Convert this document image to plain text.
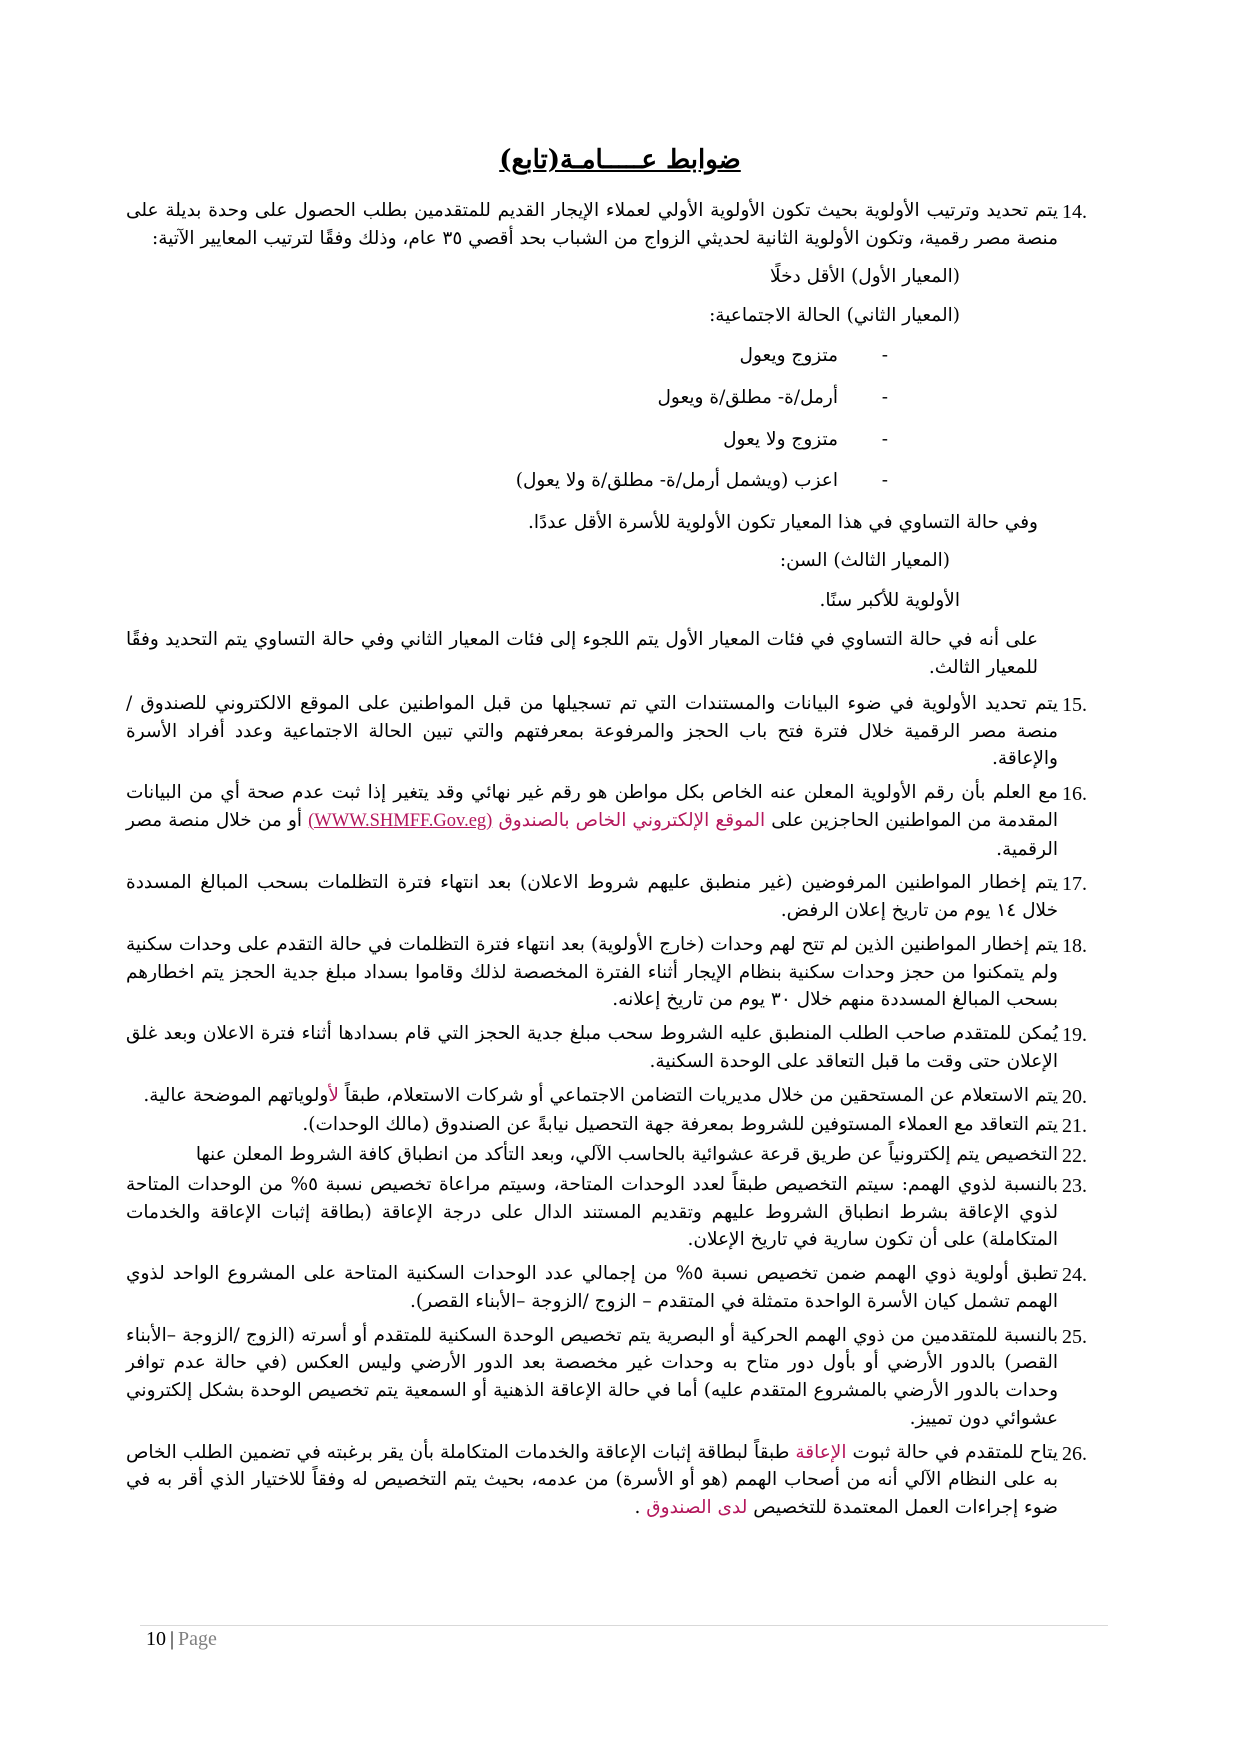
ضوابط عـــــامـة(تابع)
14.
يتم تحديد وترتيب الأولوية بحيث تكون الأولوية الأولي لعملاء الإيجار القديم للمتقدمين بطلب الحصول على وحدة بديلة على منصة مصر رقمية، وتكون الأولوية الثانية لحديثي الزواج من الشباب بحد أقصي ٣٥ عام، وذلك وفقًا لترتيب المعايير الآتية:
(المعيار الأول) الأقل دخلًا
(المعيار الثاني) الحالة الاجتماعية:
-
متزوج ويعول
-
أرمل/ة- مطلق/ة ويعول
-
متزوج ولا يعول
-
اعزب (ويشمل أرمل/ة- مطلق/ة ولا يعول)
وفي حالة التساوي في هذا المعيار تكون الأولوية للأسرة الأقل عددًا.
(المعيار الثالث) السن:
الأولوية للأكبر سنًا.
على أنه في حالة التساوي في فئات المعيار الأول يتم اللجوء إلى فئات المعيار الثاني وفي حالة التساوي يتم التحديد وفقًا للمعيار الثالث.
15.
يتم تحديد الأولوية في ضوء البيانات والمستندات التي تم تسجيلها من قبل المواطنين على الموقع الالكتروني للصندوق / منصة مصر الرقمية خلال فترة فتح باب الحجز والمرفوعة بمعرفتهم والتي تبين الحالة الاجتماعية وعدد أفراد الأسرة والإعاقة.
16.
مع العلم بأن رقم الأولوية المعلن عنه الخاص بكل مواطن هو رقم غير نهائي وقد يتغير إذا ثبت عدم صحة أي من البيانات المقدمة من المواطنين الحاجزين على الموقع الإلكتروني الخاص بالصندوق (WWW.SHMFF.Gov.eg) أو من خلال منصة مصر الرقمية.
17.
يتم إخطار المواطنين المرفوضين (غير منطبق عليهم شروط الاعلان) بعد انتهاء فترة التظلمات بسحب المبالغ المسددة خلال ١٤ يوم من تاريخ إعلان الرفض.
18.
يتم إخطار المواطنين الذين لم تتح لهم وحدات (خارج الأولوية) بعد انتهاء فترة التظلمات في حالة التقدم على وحدات سكنية ولم يتمكنوا من حجز وحدات سكنية بنظام الإيجار أثناء الفترة المخصصة لذلك وقاموا بسداد مبلغ جدية الحجز يتم اخطارهم بسحب المبالغ المسددة منهم خلال ٣٠ يوم من تاريخ إعلانه.
19.
يُمكن للمتقدم صاحب الطلب المنطبق عليه الشروط سحب مبلغ جدية الحجز التي قام بسدادها أثناء فترة الاعلان وبعد غلق الإعلان حتى وقت ما قبل التعاقد على الوحدة السكنية.
20.
يتم الاستعلام عن المستحقين من خلال مديريات التضامن الاجتماعي أو شركات الاستعلام، طبقاً لأولوياتهم الموضحة عالية.
21.
يتم التعاقد مع العملاء المستوفين للشروط بمعرفة جهة التحصيل نيابةً عن الصندوق (مالك الوحدات).
22.
التخصيص يتم إلكترونياً عن طريق قرعة عشوائية بالحاسب الآلي، وبعد التأكد من انطباق كافة الشروط المعلن عنها
23.
بالنسبة لذوي الهمم: سيتم التخصيص طبقاً لعدد الوحدات المتاحة، وسيتم مراعاة تخصيص نسبة ٥% من الوحدات المتاحة لذوي الإعاقة بشرط انطباق الشروط عليهم وتقديم المستند الدال على درجة الإعاقة (بطاقة إثبات الإعاقة والخدمات المتكاملة) على أن تكون سارية في تاريخ الإعلان.
24.
تطبق أولوية ذوي الهمم ضمن تخصيص نسبة ٥% من إجمالي عدد الوحدات السكنية المتاحة على المشروع الواحد لذوي الهمم تشمل كيان الأسرة الواحدة متمثلة في المتقدم – الزوج /الزوجة –الأبناء القصر).
25.
بالنسبة للمتقدمين من ذوي الهمم الحركية أو البصرية يتم تخصيص الوحدة السكنية للمتقدم أو أسرته (الزوج /الزوجة –الأبناء القصر) بالدور الأرضي أو بأول دور متاح به وحدات غير مخصصة بعد الدور الأرضي وليس العكس (في حالة عدم توافر وحدات بالدور الأرضي بالمشروع المتقدم عليه) أما في حالة الإعاقة الذهنية أو السمعية يتم تخصيص الوحدة بشكل إلكتروني عشوائي دون تمييز.
26.
يتاح للمتقدم في حالة ثبوت الإعاقة طبقاً لبطاقة إثبات الإعاقة والخدمات المتكاملة بأن يقر برغبته في تضمين الطلب الخاص به على النظام الآلي أنه من أصحاب الهمم (هو أو الأسرة) من عدمه، بحيث يتم التخصيص له وفقاً للاختيار الذي أقر به في ضوء إجراءات العمل المعتمدة للتخصيص لدى الصندوق .
10 | Page
